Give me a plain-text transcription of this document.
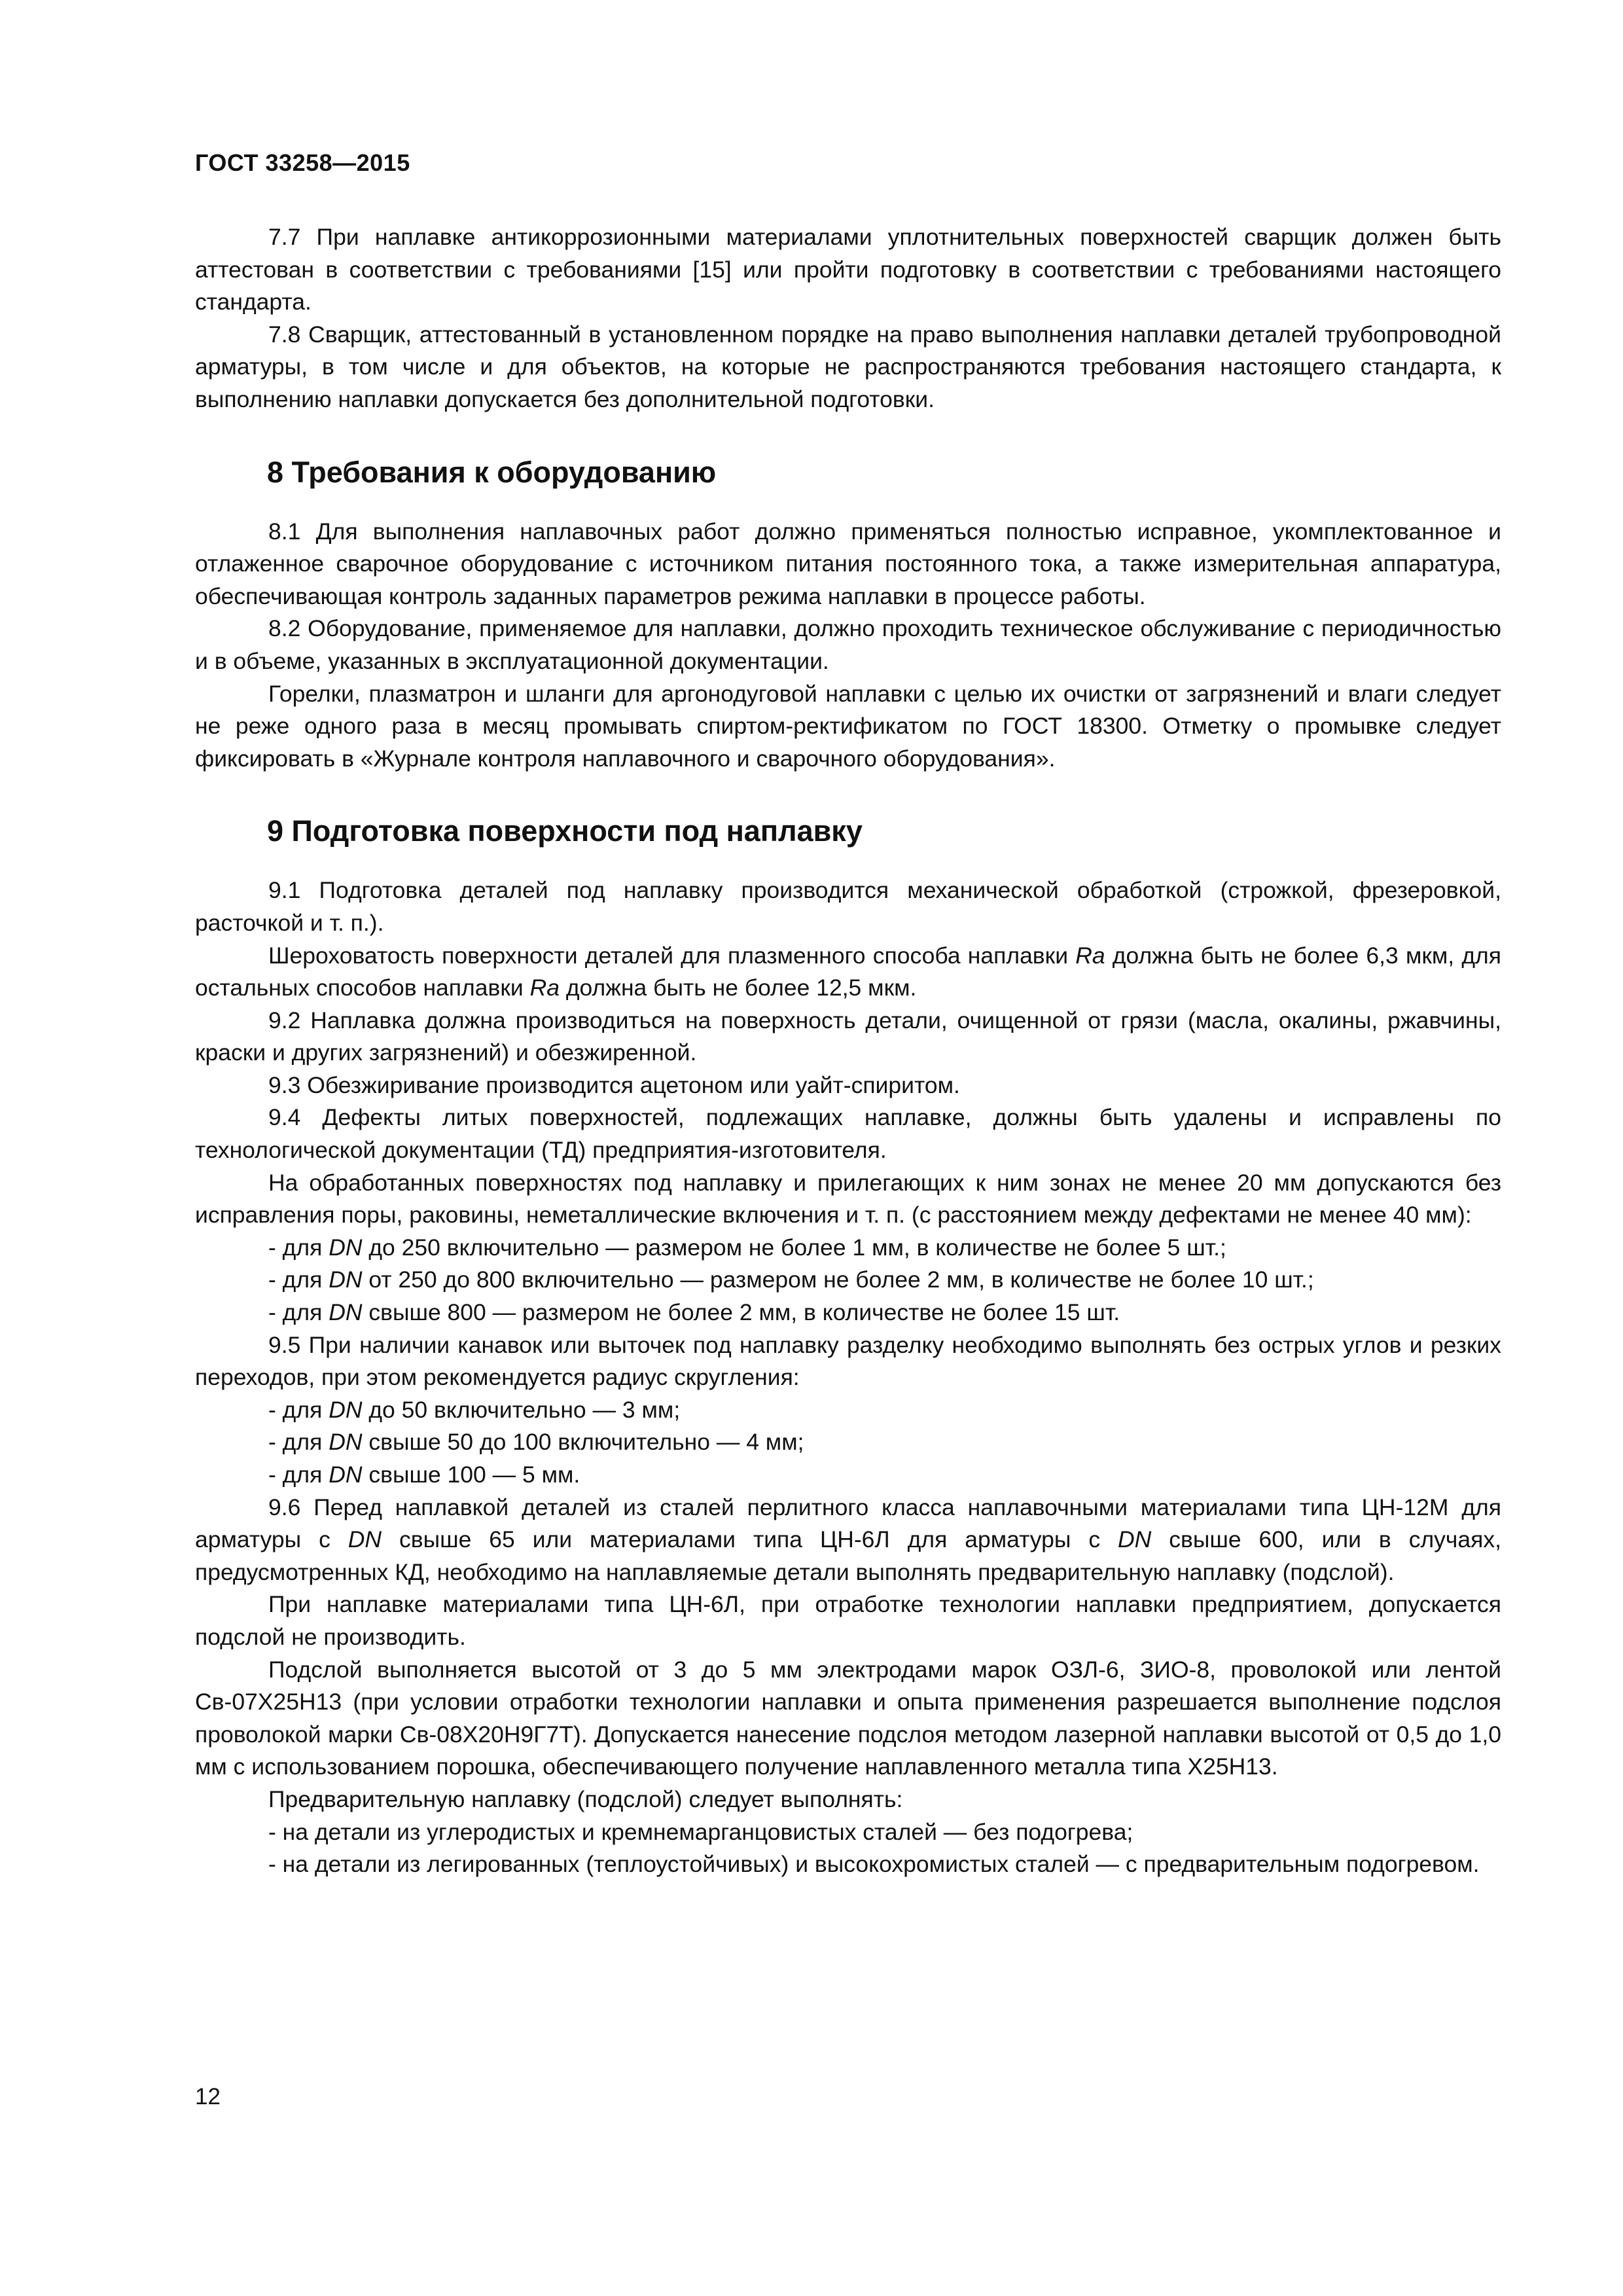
ГОСТ 33258—2015

7.7 При наплавке антикоррозионными материалами уплотнительных поверхностей сварщик должен быть аттестован в соответствии с требованиями [15] или пройти подготовку в соответствии с требованиями настоящего стандарта.

7.8 Сварщик, аттестованный в установленном порядке на право выполнения наплавки деталей трубопроводной арматуры, в том числе и для объектов, на которые не распространяются требования настоящего стандарта, к выполнению наплавки допускается без дополнительной подготовки.

8 Требования к оборудованию

8.1 Для выполнения наплавочных работ должно применяться полностью исправное, укомплектованное и отлаженное сварочное оборудование с источником питания постоянного тока, а также измерительная аппаратура, обеспечивающая контроль заданных параметров режима наплавки в процессе работы.

8.2 Оборудование, применяемое для наплавки, должно проходить техническое обслуживание с периодичностью и в объеме, указанных в эксплуатационной документации.

Горелки, плазматрон и шланги для аргонодуговой наплавки с целью их очистки от загрязнений и влаги следует не реже одного раза в месяц промывать спиртом-ректификатом по ГОСТ 18300. Отметку о промывке следует фиксировать в «Журнале контроля наплавочного и сварочного оборудования».

9 Подготовка поверхности под наплавку

9.1 Подготовка деталей под наплавку производится механической обработкой (строжкой, фрезеровкой, расточкой и т. п.).

Шероховатость поверхности деталей для плазменного способа наплавки Ra должна быть не более 6,3 мкм, для остальных способов наплавки Ra должна быть не более 12,5 мкм.

9.2 Наплавка должна производиться на поверхность детали, очищенной от грязи (масла, окалины, ржавчины, краски и других загрязнений) и обезжиренной.

9.3 Обезжиривание производится ацетоном или уайт-спиритом.

9.4 Дефекты литых поверхностей, подлежащих наплавке, должны быть удалены и исправлены по технологической документации (ТД) предприятия-изготовителя.

На обработанных поверхностях под наплавку и прилегающих к ним зонах не менее 20 мм допускаются без исправления поры, раковины, неметаллические включения и т. п. (с расстоянием между дефектами не менее 40 мм):

- для DN до 250 включительно — размером не более 1 мм, в количестве не более 5 шт.;

- для DN от 250 до 800 включительно — размером не более 2 мм, в количестве не более 10 шт.;

- для DN свыше 800 — размером не более 2 мм, в количестве не более 15 шт.

9.5 При наличии канавок или выточек под наплавку разделку необходимо выполнять без острых углов и резких переходов, при этом рекомендуется радиус скругления:

- для DN до 50 включительно — 3 мм;

- для DN свыше 50 до 100 включительно — 4 мм;

- для DN свыше 100 — 5 мм.

9.6 Перед наплавкой деталей из сталей перлитного класса наплавочными материалами типа ЦН-12М для арматуры с DN свыше 65 или материалами типа ЦН-6Л для арматуры с DN свыше 600, или в случаях, предусмотренных КД, необходимо на наплавляемые детали выполнять предварительную наплавку (подслой).

При наплавке материалами типа ЦН-6Л, при отработке технологии наплавки предприятием, допускается подслой не производить.

Подслой выполняется высотой от 3 до 5 мм электродами марок ОЗЛ-6, ЗИО-8, проволокой или лентой Св-07Х25Н13 (при условии отработки технологии наплавки и опыта применения разрешается выполнение подслоя проволокой марки Св-08Х20Н9Г7Т). Допускается нанесение подслоя методом лазерной наплавки высотой от 0,5 до 1,0 мм с использованием порошка, обеспечивающего получение наплавленного металла типа Х25Н13.

Предварительную наплавку (подслой) следует выполнять:

- на детали из углеродистых и кремнемарганцовистых сталей — без подогрева;

- на детали из легированных (теплоустойчивых) и высокохромистых сталей — с предварительным подогревом.

12
